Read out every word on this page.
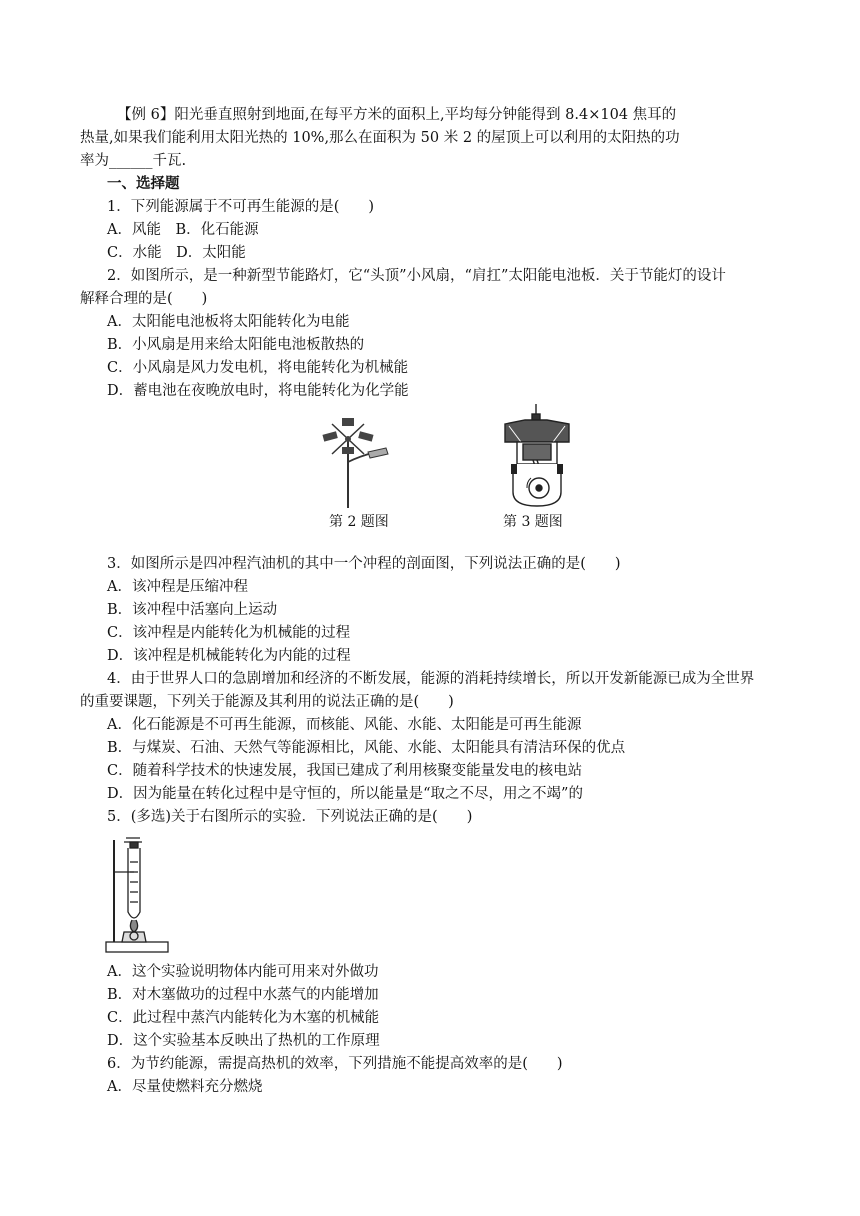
【例 6】阳光垂直照射到地面,在每平方米的面积上,平均每分钟能得到 8.4×104 焦耳的
热量,如果我们能利用太阳光热的 10%,那么在面积为 50 米 2 的屋顶上可以利用的太阳热的功
率为______千瓦.
一、选择题
1．下列能源属于不可再生能源的是(　　)
A．风能　B．化石能源
C．水能　D．太阳能
2．如图所示，是一种新型节能路灯，它“头顶”小风扇，“肩扛”太阳能电池板．关于节能灯的设计
解释合理的是(　　)
A．太阳能电池板将太阳能转化为电能
B．小风扇是用来给太阳能电池板散热的
C．小风扇是风力发电机，将电能转化为机械能
D．蓄电池在夜晚放电时，将电能转化为化学能
第 2 题图	第 3 题图
3．如图所示是四冲程汽油机的其中一个冲程的剖面图，下列说法正确的是(　　)
A．该冲程是压缩冲程
B．该冲程中活塞向上运动
C．该冲程是内能转化为机械能的过程
D．该冲程是机械能转化为内能的过程
4．由于世界人口的急剧增加和经济的不断发展，能源的消耗持续增长，所以开发新能源已成为全世界
的重要课题，下列关于能源及其利用的说法正确的是(　　)
A．化石能源是不可再生能源，而核能、风能、水能、太阳能是可再生能源
B．与煤炭、石油、天然气等能源相比，风能、水能、太阳能具有清洁环保的优点
C．随着科学技术的快速发展，我国已建成了利用核聚变能量发电的核电站
D．因为能量在转化过程中是守恒的，所以能量是“取之不尽，用之不竭”的
5．(多选)关于右图所示的实验．下列说法正确的是(　　)
A．这个实验说明物体内能可用来对外做功
B．对木塞做功的过程中水蒸气的内能增加
C．此过程中蒸汽内能转化为木塞的机械能
D．这个实验基本反映出了热机的工作原理
6．为节约能源，需提高热机的效率，下列措施不能提高效率的是(　　)
A．尽量使燃料充分燃烧
